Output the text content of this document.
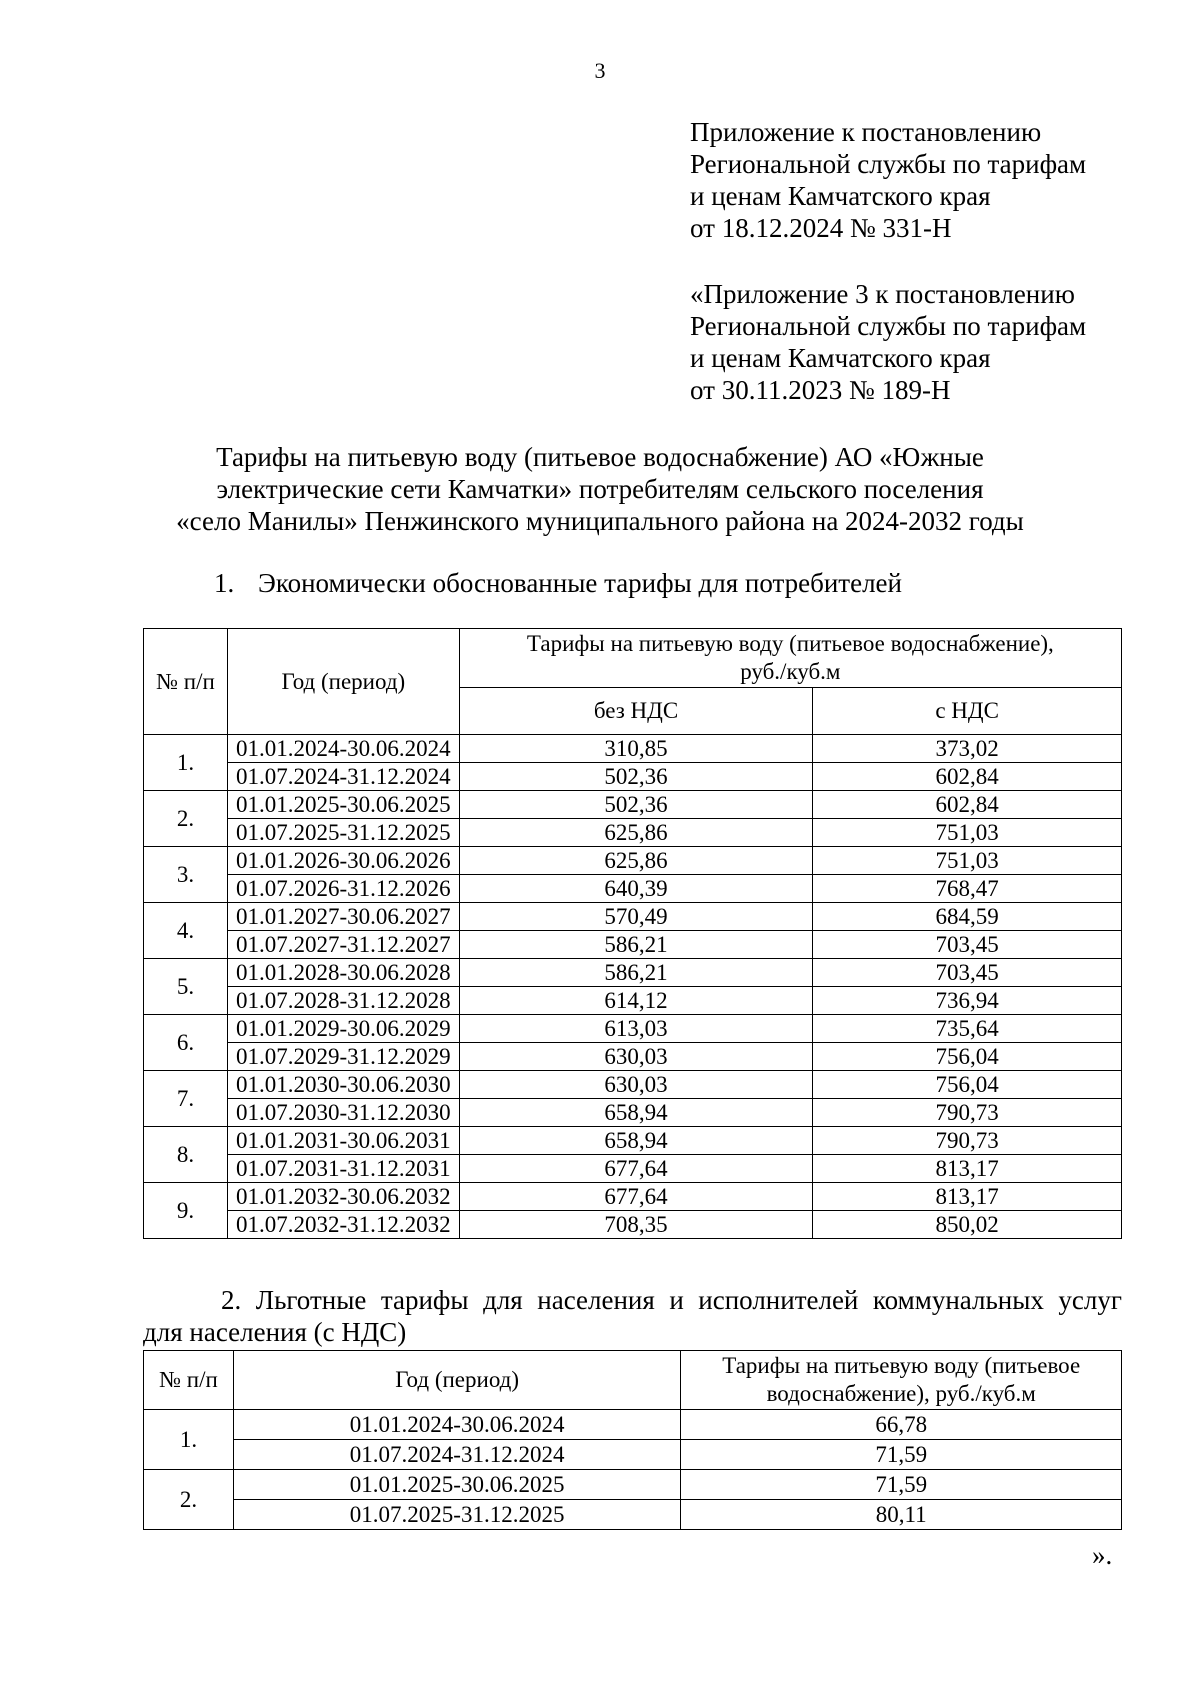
3
Приложение к постановлению
Региональной службы по тарифам
и ценам Камчатского края
от 18.12.2024 № 331-Н
«Приложение 3 к постановлению
Региональной службы по тарифам
и ценам Камчатского края
от 30.11.2023 № 189-Н
Тарифы на питьевую воду (питьевое водоснабжение) АО «Южные
электрические сети Камчатки» потребителям сельского поселения
«село Манилы» Пенжинского муниципального района на 2024-2032 годы
1. Экономически обоснованные тарифы для потребителей
№ п/п	Год (период)	Тарифы на питьевую воду (питьевое водоснабжение),
руб./куб.м	
		без НДС	с НДС
1.	01.01.2024-30.06.2024	310,85	373,02
	01.07.2024-31.12.2024	502,36	602,84
2.	01.01.2025-30.06.2025	502,36	602,84
	01.07.2025-31.12.2025	625,86	751,03
3.	01.01.2026-30.06.2026	625,86	751,03
	01.07.2026-31.12.2026	640,39	768,47
4.	01.01.2027-30.06.2027	570,49	684,59
	01.07.2027-31.12.2027	586,21	703,45
5.	01.01.2028-30.06.2028	586,21	703,45
	01.07.2028-31.12.2028	614,12	736,94
6.	01.01.2029-30.06.2029	613,03	735,64
	01.07.2029-31.12.2029	630,03	756,04
7.	01.01.2030-30.06.2030	630,03	756,04
	01.07.2030-31.12.2030	658,94	790,73
8.	01.01.2031-30.06.2031	658,94	790,73
	01.07.2031-31.12.2031	677,64	813,17
9.	01.01.2032-30.06.2032	677,64	813,17
	01.07.2032-31.12.2032	708,35	850,02
2. Льготные тарифы для населения и исполнителей коммунальных услуг
для населения (с НДС)
№ п/п	Год (период)	Тарифы на питьевую воду (питьевое
водоснабжение), руб./куб.м
1.	01.01.2024-30.06.2024	66,78
	01.07.2024-31.12.2024	71,59
2.	01.01.2025-30.06.2025	71,59
	01.07.2025-31.12.2025	80,11
».
